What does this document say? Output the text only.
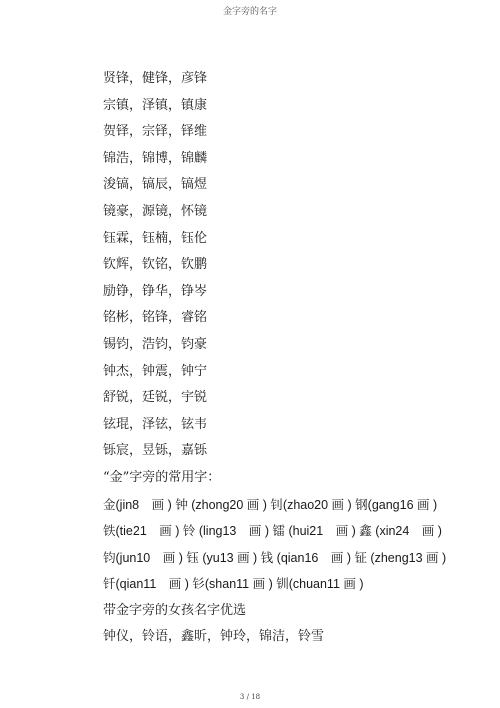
金字旁的名字
贤锋，健锋，彦锋
宗镇，泽镇，镇康
贺铎，宗铎，铎维
锦浩，锦博，锦麟
浚镐，镐辰，镐煜
镜豪，源镜，怀镜
钰霖，钰楠，钰伦
钦辉，钦铭，钦鹏
励铮，铮华，铮岑
铭彬，铭锋，睿铭
锡钧，浩钧，钧豪
钟杰，钟震，钟宁
舒锐，廷锐，宇锐
铉琨，泽铉，铉韦
铄宸，昱铄，嘉铄
“金”字旁的常用字：
金(jin8　画 ) 钟 (zhong20 画 ) 钊(zhao20 画 ) 钢(gang16 画 )
铁(tie21　画 ) 铃 (ling13　画 ) 镭 (hui21　画 ) 鑫 (xin24　画 )
钧(jun10　画 ) 钰 (yu13 画 ) 钱 (qian16　画 ) 钲 (zheng13 画 )
钎(qian11　画 ) 钐(shan11 画 ) 钏(chuan11 画 )
带金字旁的女孩名字优选
钟仪，铃语，鑫昕，钟玲，锦洁，铃雪
3 / 18
